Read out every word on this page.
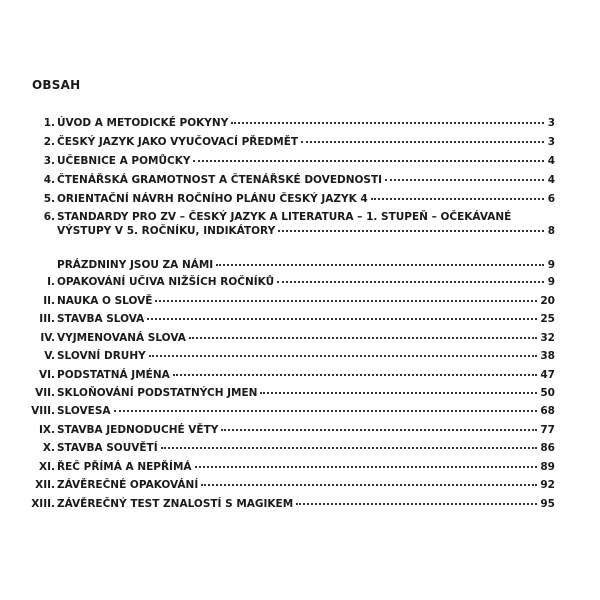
OBSAH
1. ÚVOD A METODICKÉ POKYNY	3
2. ČESKÝ JAZYK JAKO VYUČOVACÍ PŘEDMĚT	3
3. UČEBNICE A POMŮCKY	4
4. ČTENÁŘSKÁ GRAMOTNOST A ČTENÁŘSKÉ DOVEDNOSTI	4
5. ORIENTAČNÍ NÁVRH ROČNÍHO PLÁNU ČESKÝ JAZYK 4	6
6. STANDARDY PRO ZV – ČESKÝ JAZYK A LITERATURA – 1. STUPEŇ – OČEKÁVANÉ
VÝSTUPY V 5. ROČNÍKU, INDIKÁTORY	8
PRÁZDNINY JSOU ZA NÁMI	9
I. OPAKOVÁNÍ UČIVA NIŽŠÍCH ROČNÍKŮ	9
II. NAUKA O SLOVĚ	20
III. STAVBA SLOVA	25
IV. VYJMENOVANÁ SLOVA	32
V. SLOVNÍ DRUHY	38
VI. PODSTATNÁ JMÉNA	47
VII. SKLOŇOVÁNÍ PODSTATNÝCH JMEN	50
VIII. SLOVESA	68
IX. STAVBA JEDNODUCHÉ VĚTY	77
X. STAVBA SOUVĚTÍ	86
XI. ŘEČ PŘÍMÁ A NEPŘÍMÁ	89
XII. ZÁVĚREČNÉ OPAKOVÁNÍ	92
XIII. ZÁVĚREČNÝ TEST ZNALOSTÍ S MAGIKEM	95
